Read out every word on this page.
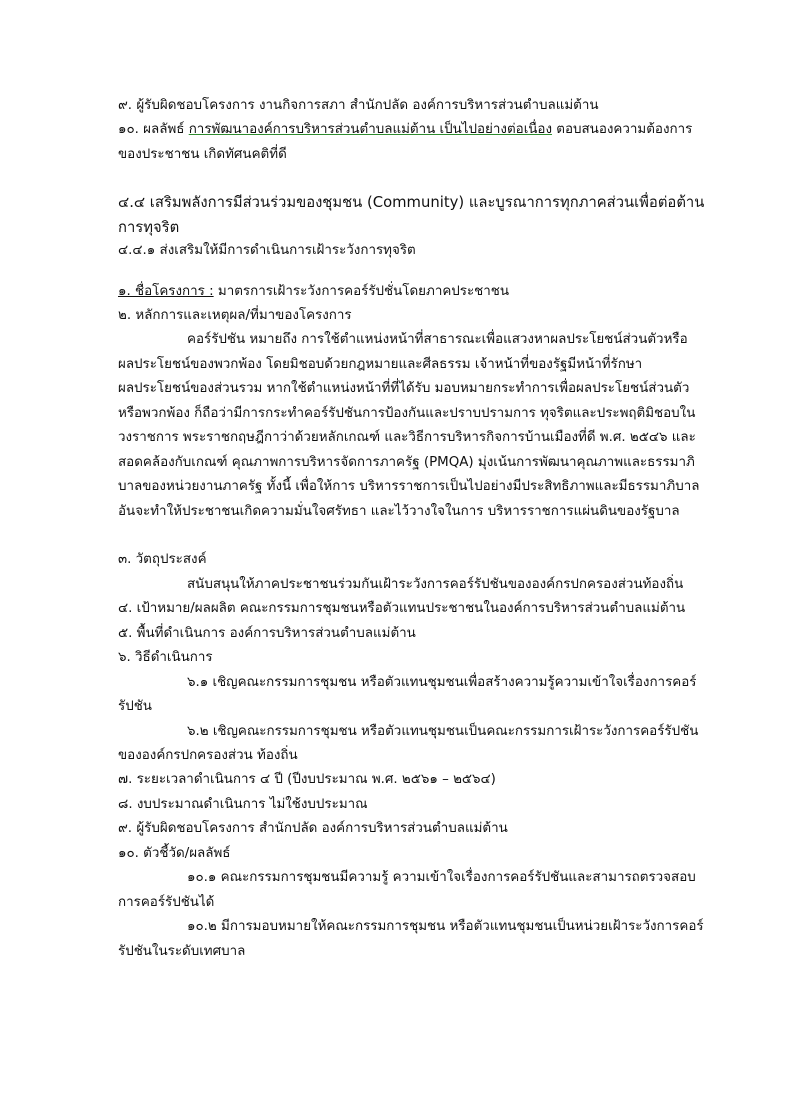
๙. ผู้รับผิดชอบโครงการ งานกิจการสภา สำนักปลัด องค์การบริหารส่วนตำบลแม่ต้าน
๑๐. ผลลัพธ์ การพัฒนาองค์การบริหารส่วนตำบลแม่ต้าน เป็นไปอย่างต่อเนื่อง ตอบสนองความต้องการ
ของประชาชน เกิดทัศนคติที่ดี
๔.๔ เสริมพลังการมีส่วนร่วมของชุมชน (Community) และบูรณาการทุกภาคส่วนเพื่อต่อต้าน
การทุจริต
๔.๔.๑ ส่งเสริมให้มีการดำเนินการเฝ้าระวังการทุจริต
๑. ชื่อโครงการ : มาตรการเฝ้าระวังการคอร์รัปชั่นโดยภาคประชาชน
๒. หลักการและเหตุผล/ที่มาของโครงการ
คอร์รัปชัน หมายถึง การใช้ตำแหน่งหน้าที่สาธารณะเพื่อแสวงหาผลประโยชน์ส่วนตัวหรือ
ผลประโยชน์ของพวกพ้อง โดยมิชอบด้วยกฎหมายและศีลธรรม เจ้าหน้าที่ของรัฐมีหน้าที่รักษา
ผลประโยชน์ของส่วนรวม หากใช้ตำแหน่งหน้าที่ที่ได้รับ มอบหมายกระทำการเพื่อผลประโยชน์ส่วนตัว
หรือพวกพ้อง ก็ถือว่ามีการกระทำคอร์รัปชันการป้องกันและปราบปรามการ ทุจริตและประพฤติมิชอบใน
วงราชการ พระราชกฤษฎีกาว่าด้วยหลักเกณฑ์ และวิธีการบริหารกิจการบ้านเมืองที่ดี พ.ศ. ๒๕๔๖ และ
สอดคล้องกับเกณฑ์ คุณภาพการบริหารจัดการภาครัฐ (PMQA) มุ่งเน้นการพัฒนาคุณภาพและธรรมาภิ
บาลของหน่วยงานภาครัฐ ทั้งนี้ เพื่อให้การ บริหารราชการเป็นไปอย่างมีประสิทธิภาพและมีธรรมาภิบาล
อันจะทำให้ประชาชนเกิดความมั่นใจศรัทธา และไว้วางใจในการ บริหารราชการแผ่นดินของรัฐบาล
๓. วัตถุประสงค์
สนับสนุนให้ภาคประชาชนร่วมกันเฝ้าระวังการคอร์รัปชันขององค์กรปกครองส่วนท้องถิ่น
๔. เป้าหมาย/ผลผลิต คณะกรรมการชุมชนหรือตัวแทนประชาชนในองค์การบริหารส่วนตำบลแม่ต้าน
๕. พื้นที่ดำเนินการ องค์การบริหารส่วนตำบลแม่ต้าน
๖. วิธีดำเนินการ
๖.๑ เชิญคณะกรรมการชุมชน หรือตัวแทนชุมชนเพื่อสร้างความรู้ความเข้าใจเรื่องการคอร์
รัปชัน
๖.๒ เชิญคณะกรรมการชุมชน หรือตัวแทนชุมชนเป็นคณะกรรมการเฝ้าระวังการคอร์รัปชัน
ขององค์กรปกครองส่วน ท้องถิ่น
๗. ระยะเวลาดำเนินการ ๔ ปี (ปีงบประมาณ พ.ศ. ๒๕๖๑ – ๒๕๖๔)
๘. งบประมาณดำเนินการ ไม่ใช้งบประมาณ
๙. ผู้รับผิดชอบโครงการ สำนักปลัด องค์การบริหารส่วนตำบลแม่ต้าน
๑๐. ตัวชี้วัด/ผลลัพธ์
๑๐.๑ คณะกรรมการชุมชนมีความรู้ ความเข้าใจเรื่องการคอร์รัปชันและสามารถตรวจสอบ
การคอร์รัปชันได้
๑๐.๒ มีการมอบหมายให้คณะกรรมการชุมชน หรือตัวแทนชุมชนเป็นหน่วยเฝ้าระวังการคอร์
รัปชันในระดับเทศบาล
